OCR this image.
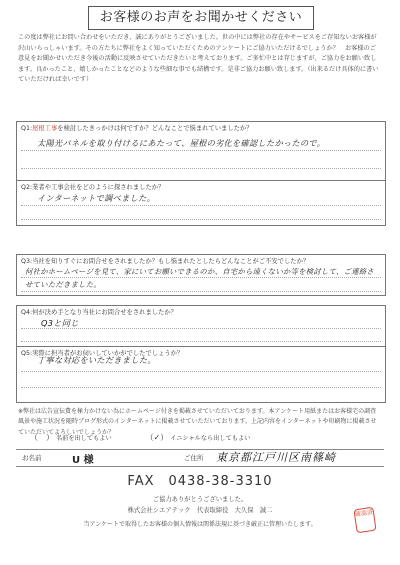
お客様のお声をお聞かせください
この度は弊社にお問い合わせをいただき、誠にありがとうございました。世の中には弊社の存在やサービスをご存知ないお客様が沢山いらっしゃいます。その方たちに弊社をよく知っていただくためのアンケートにご協力いただけるでしょうか？　お客様のご意見をお聞かせいただき今後の活動に反映させていただきたいと考えております。ご多忙中とは存じますが、ご協力をお願い致します。良かったこと、嬉しかったことなどのような些細な事でも結構です。是非ご協力お願い致します。（出来るだけ具体的に書いていただければ幸いです）
Q1:屋根工事を検討したきっかけは何ですか？どんなことで悩まれていましたか？
太陽光パネルを取り付けるにあたって、屋根の劣化を確認したかったので。
Q2:業者や工事会社をどのように探されましたか？
インターネットで調べました。
Q3:当社を知りすぐにお問合せをされましたか？もし悩まれたとしたらどんなことがご不安でしたか？
何社かホームページを見て、家にいてお願いできるのか、自宅から遠くないか等を検討して、ご連絡させていただきました。
Q4:何が決め手となり当社にお問合せをされましたか？
Q3と同じ
Q5:実際に担当者がお伺いしていかがでしたでしょうか？
丁寧な対応をいただきました。
※弊社は広告宣伝費を極力かけない為にホームページ付きを掲載させていただいております。本アンケート用紙またはお客様宅の調査風景や施工状況を随時ブログ形式のインターネットに掲載させていただいております。上記内容をインターネットや印刷物に掲載させていただいてよろしいでしょうか？
（　） 名前を出してもよい	（✓） イニシャルなら出してもよい
お名前	U 様	ご住所 東京都江戸川区南篠崎
FAX　0438-38-3310
ご協力ありがとうございました。
株式会社シエアテック　代表取締役　大久保　誠二
当アンケートで取得したお客様の個人情報は関係法規に基づき厳正に管理いたします。
確認済
